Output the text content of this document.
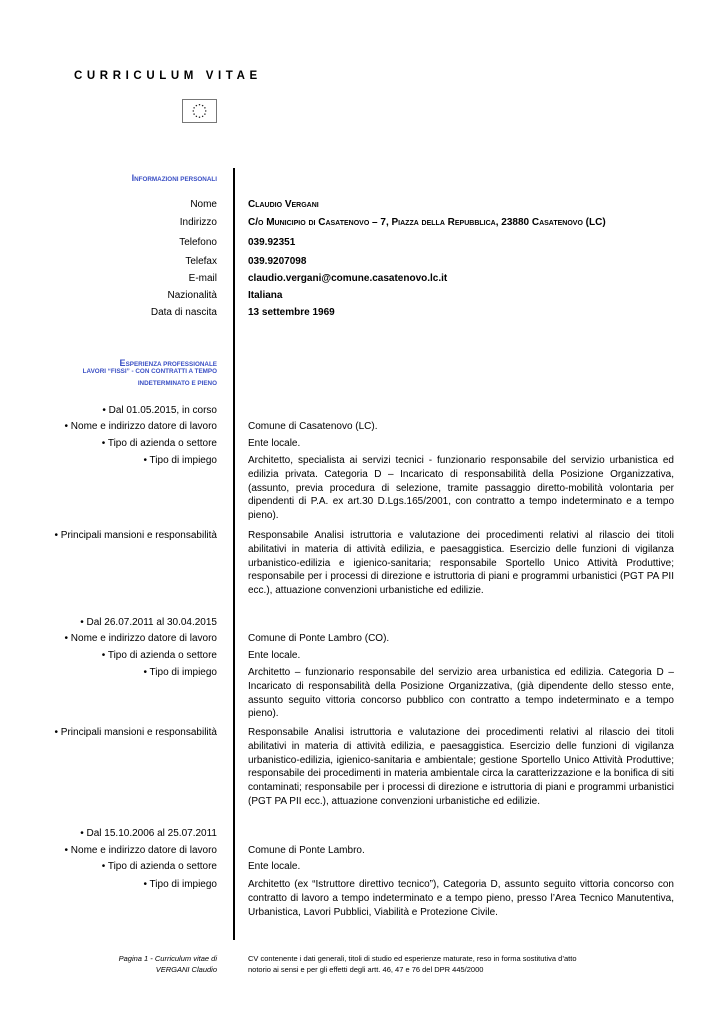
CURRICULUM VITAE
INFORMAZIONI PERSONALI
Nome	Claudio Vergani
Indirizzo	C/o Municipio di Casatenovo – 7, Piazza della Repubblica, 23880 Casatenovo (LC)
Telefono	039.92351
Telefax	039.9207098
E-mail	claudio.vergani@comune.casatenovo.lc.it
Nazionalità	Italiana
Data di nascita	13 settembre 1969
ESPERIENZA PROFESSIONALE
LAVORI “FISSI” - CON CONTRATTI A TEMPO
INDETERMINATO E PIENO
• Dal 01.05.2015, in corso
• Nome e indirizzo datore di lavoro	Comune di Casatenovo (LC).
• Tipo di azienda o settore	Ente locale.
• Tipo di impiego	Architetto, specialista ai servizi tecnici - funzionario responsabile del servizio urbanistica ed edilizia privata. Categoria D – Incaricato di responsabilità della Posizione Organizzativa, (assunto, previa procedura di selezione, tramite passaggio diretto-mobilità volontaria per dipendenti di P.A. ex art.30 D.Lgs.165/2001, con contratto a tempo indeterminato e a tempo pieno).
• Principali mansioni e responsabilità	Responsabile Analisi istruttoria e valutazione dei procedimenti relativi al rilascio dei titoli abilitativi in materia di attività edilizia, e paesaggistica. Esercizio delle funzioni di vigilanza urbanistico-edilizia e igienico-sanitaria; responsabile Sportello Unico Attività Produttive; responsabile per i processi di direzione e istruttoria di piani e programmi urbanistici (PGT PA PII ecc.), attuazione convenzioni urbanistiche ed edilizie.
• Dal 26.07.2011 al 30.04.2015
• Nome e indirizzo datore di lavoro	Comune di Ponte Lambro (CO).
• Tipo di azienda o settore	Ente locale.
• Tipo di impiego	Architetto – funzionario responsabile del servizio area urbanistica ed edilizia. Categoria D – Incaricato di responsabilità della Posizione Organizzativa, (già dipendente dello stesso ente, assunto seguito vittoria concorso pubblico con contratto a tempo indeterminato e a tempo pieno).
• Principali mansioni e responsabilità	Responsabile Analisi istruttoria e valutazione dei procedimenti relativi al rilascio dei titoli abilitativi in materia di attività edilizia, e paesaggistica. Esercizio delle funzioni di vigilanza urbanistico-edilizia, igienico-sanitaria e ambientale; gestione Sportello Unico Attività Produttive; responsabile dei procedimenti in materia ambientale circa la caratterizzazione e la bonifica di siti contaminati; responsabile per i processi di direzione e istruttoria di piani e programmi urbanistici (PGT PA PII ecc.), attuazione convenzioni urbanistiche ed edilizie.
• Dal 15.10.2006 al 25.07.2011
• Nome e indirizzo datore di lavoro	Comune di Ponte Lambro.
• Tipo di azienda o settore	Ente locale.
• Tipo di impiego	Architetto (ex “Istruttore direttivo tecnico”), Categoria D, assunto seguito vittoria concorso con contratto di lavoro a tempo indeterminato e a tempo pieno, presso l’Area Tecnico Manutentiva, Urbanistica, Lavori Pubblici, Viabilità e Protezione Civile.
Pagina 1 - Curriculum vitae di
VERGANI Claudio
CV contenente i dati generali, titoli di studio ed esperienze maturate, reso in forma sostitutiva d’atto
notorio ai sensi e per gli effetti degli artt. 46, 47 e 76 del DPR 445/2000
